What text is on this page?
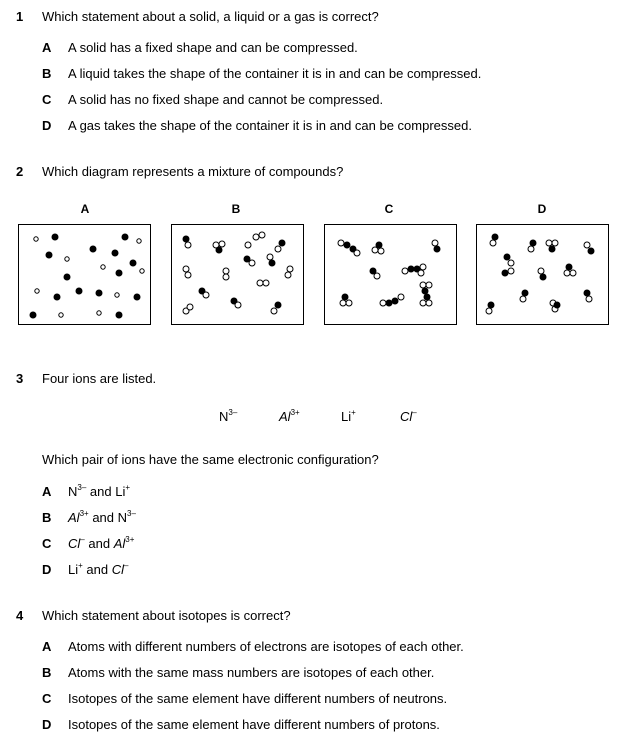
1 Which statement about a solid, a liquid or a gas is correct?
A A solid has a fixed shape and can be compressed.
B A liquid takes the shape of the container it is in and can be compressed.
C A solid has no fixed shape and cannot be compressed.
D A gas takes the shape of the container it is in and can be compressed.
2 Which diagram represents a mixture of compounds?
A	B	C	D
3 Four ions are listed.
$N^{3-}$	$Al^{3+}$	Li+	Cl–
Which pair of ions have the same electronic configuration?
A $N^{3-}$ and Li+
B $Al^{3+}$ and $N^{3-}$
C Cl– and $Al^{3+}$
D Li+ and Cl–
4 Which statement about isotopes is correct?
A Atoms with different numbers of electrons are isotopes of each other.
B Atoms with the same mass numbers are isotopes of each other.
C Isotopes of the same element have different numbers of neutrons.
D Isotopes of the same element have different numbers of protons.
